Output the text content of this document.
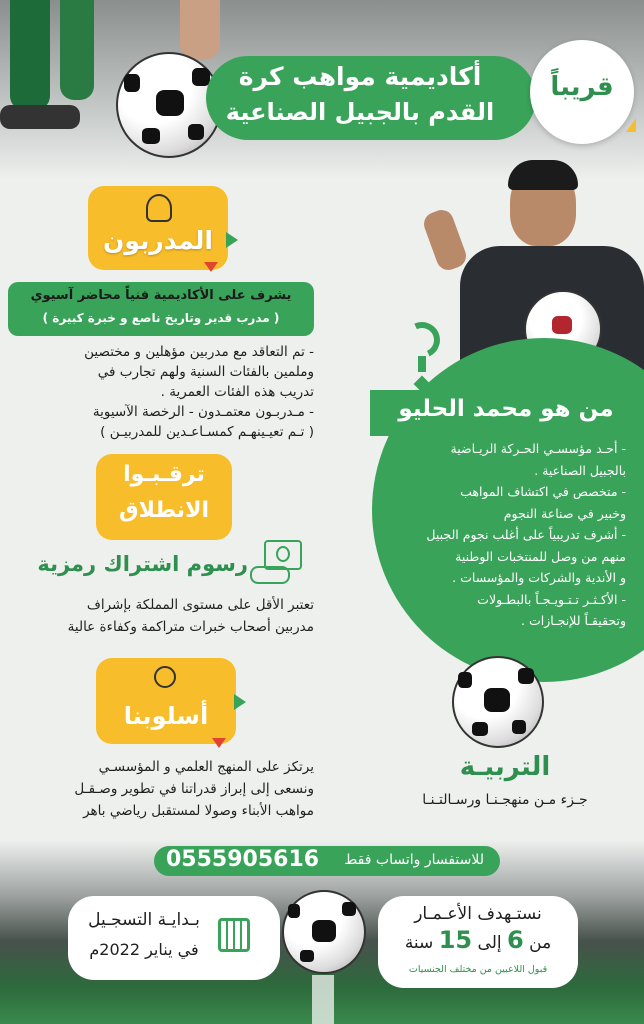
أكاديمية مواهب كرة
القدم بالجبيل الصناعية
قريباً
المدربون
يشرف على الأكاديمية فنياً محاضر آسيوي
( مدرب قدير وتاريخ ناصع و خبرة كبيرة )
- تم التعاقد مع مدربين مؤهلين و مختصين
وملمين بالفئات السنية ولهم تجارب في
تدريب هذه الفئات العمرية .
- مـدربـون معتمـدون - الرخصة الآسيوية
( تـم تعيـينهـم كمسـاعـدين للمدربيـن )
ترقـبـوا
الانطلاق
رسوم اشتراك رمزية
تعتبر الأقل على مستوى المملكة بإشراف
مدربين أصحاب خبرات متراكمة وكفاءة عالية
أسلوبنا
يرتكز على المنهج العلمي و المؤسسـي
ونسعى إلى إبراز قدراتنا في تطوير وصـقـل
مواهب الأبناء وصولا لمستقبل رياضي باهر
من هو محمد الحليو
- أحـد مؤسسـي الحـركة الريـاضية
بالجبيل الصناعية .
- متخصص في اكتشاف المواهب
وخبير في صناعة النجوم
- أشرف تدريبياً على أغلب نجوم الجبيل
منهم من وصل للمنتخبات الوطنية
و الأندية والشركات والمؤسسات .
- الأكـثـر تـتـويـجـاً بالبطـولات
وتحقيقـاً للإنجـازات .
التربيـة
جـزء مـن منهجـنـا ورسـالتـنـا
للاستفسار واتساب فقط
0555905616
بـدايـة التسجـيل
في يناير 2022م
نستـهدف الأعـمـار
من 6 إلى 15 سنة
قبول اللاعبين من مختلف الجنسيات
